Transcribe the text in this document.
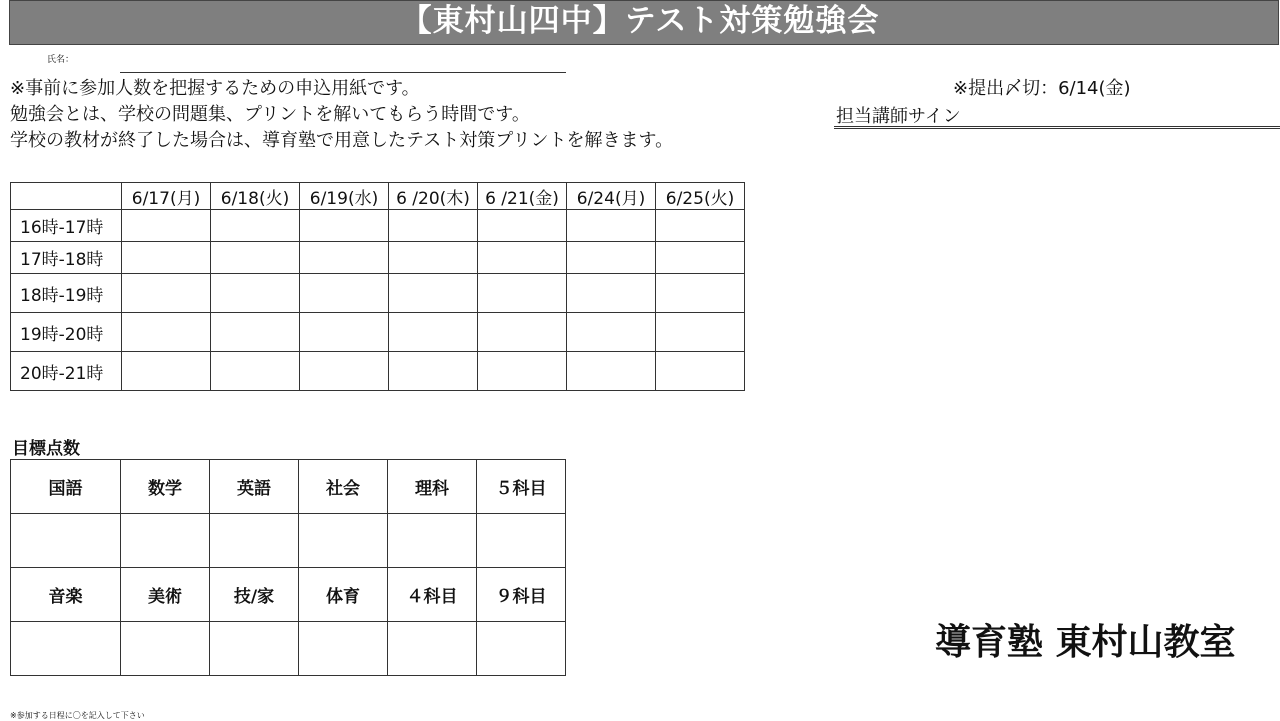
【東村山四中】テスト対策勉強会
氏名：
※事前に参加人数を把握するための申込用紙です。
勉強会とは、学校の問題集、プリントを解いてもらう時間です。
学校の教材が終了した場合は、導育塾で用意したテスト対策プリントを解きます。
※提出〆切：6/14(金)
担当講師サイン
	6/17(月)	6/18(火)	6/19(水)	6 /20(木)	6 /21(金)	6/24(月)	6/25(火)
16時-17時							
17時-18時							
18時-19時							
19時-20時							
20時-21時							
目標点数
国語	数学	英語	社会	理科	５科目

音楽	美術	技/家	体育	４科目	９科目

導育塾 東村山教室
※参加する日程に〇を記入して下さい
